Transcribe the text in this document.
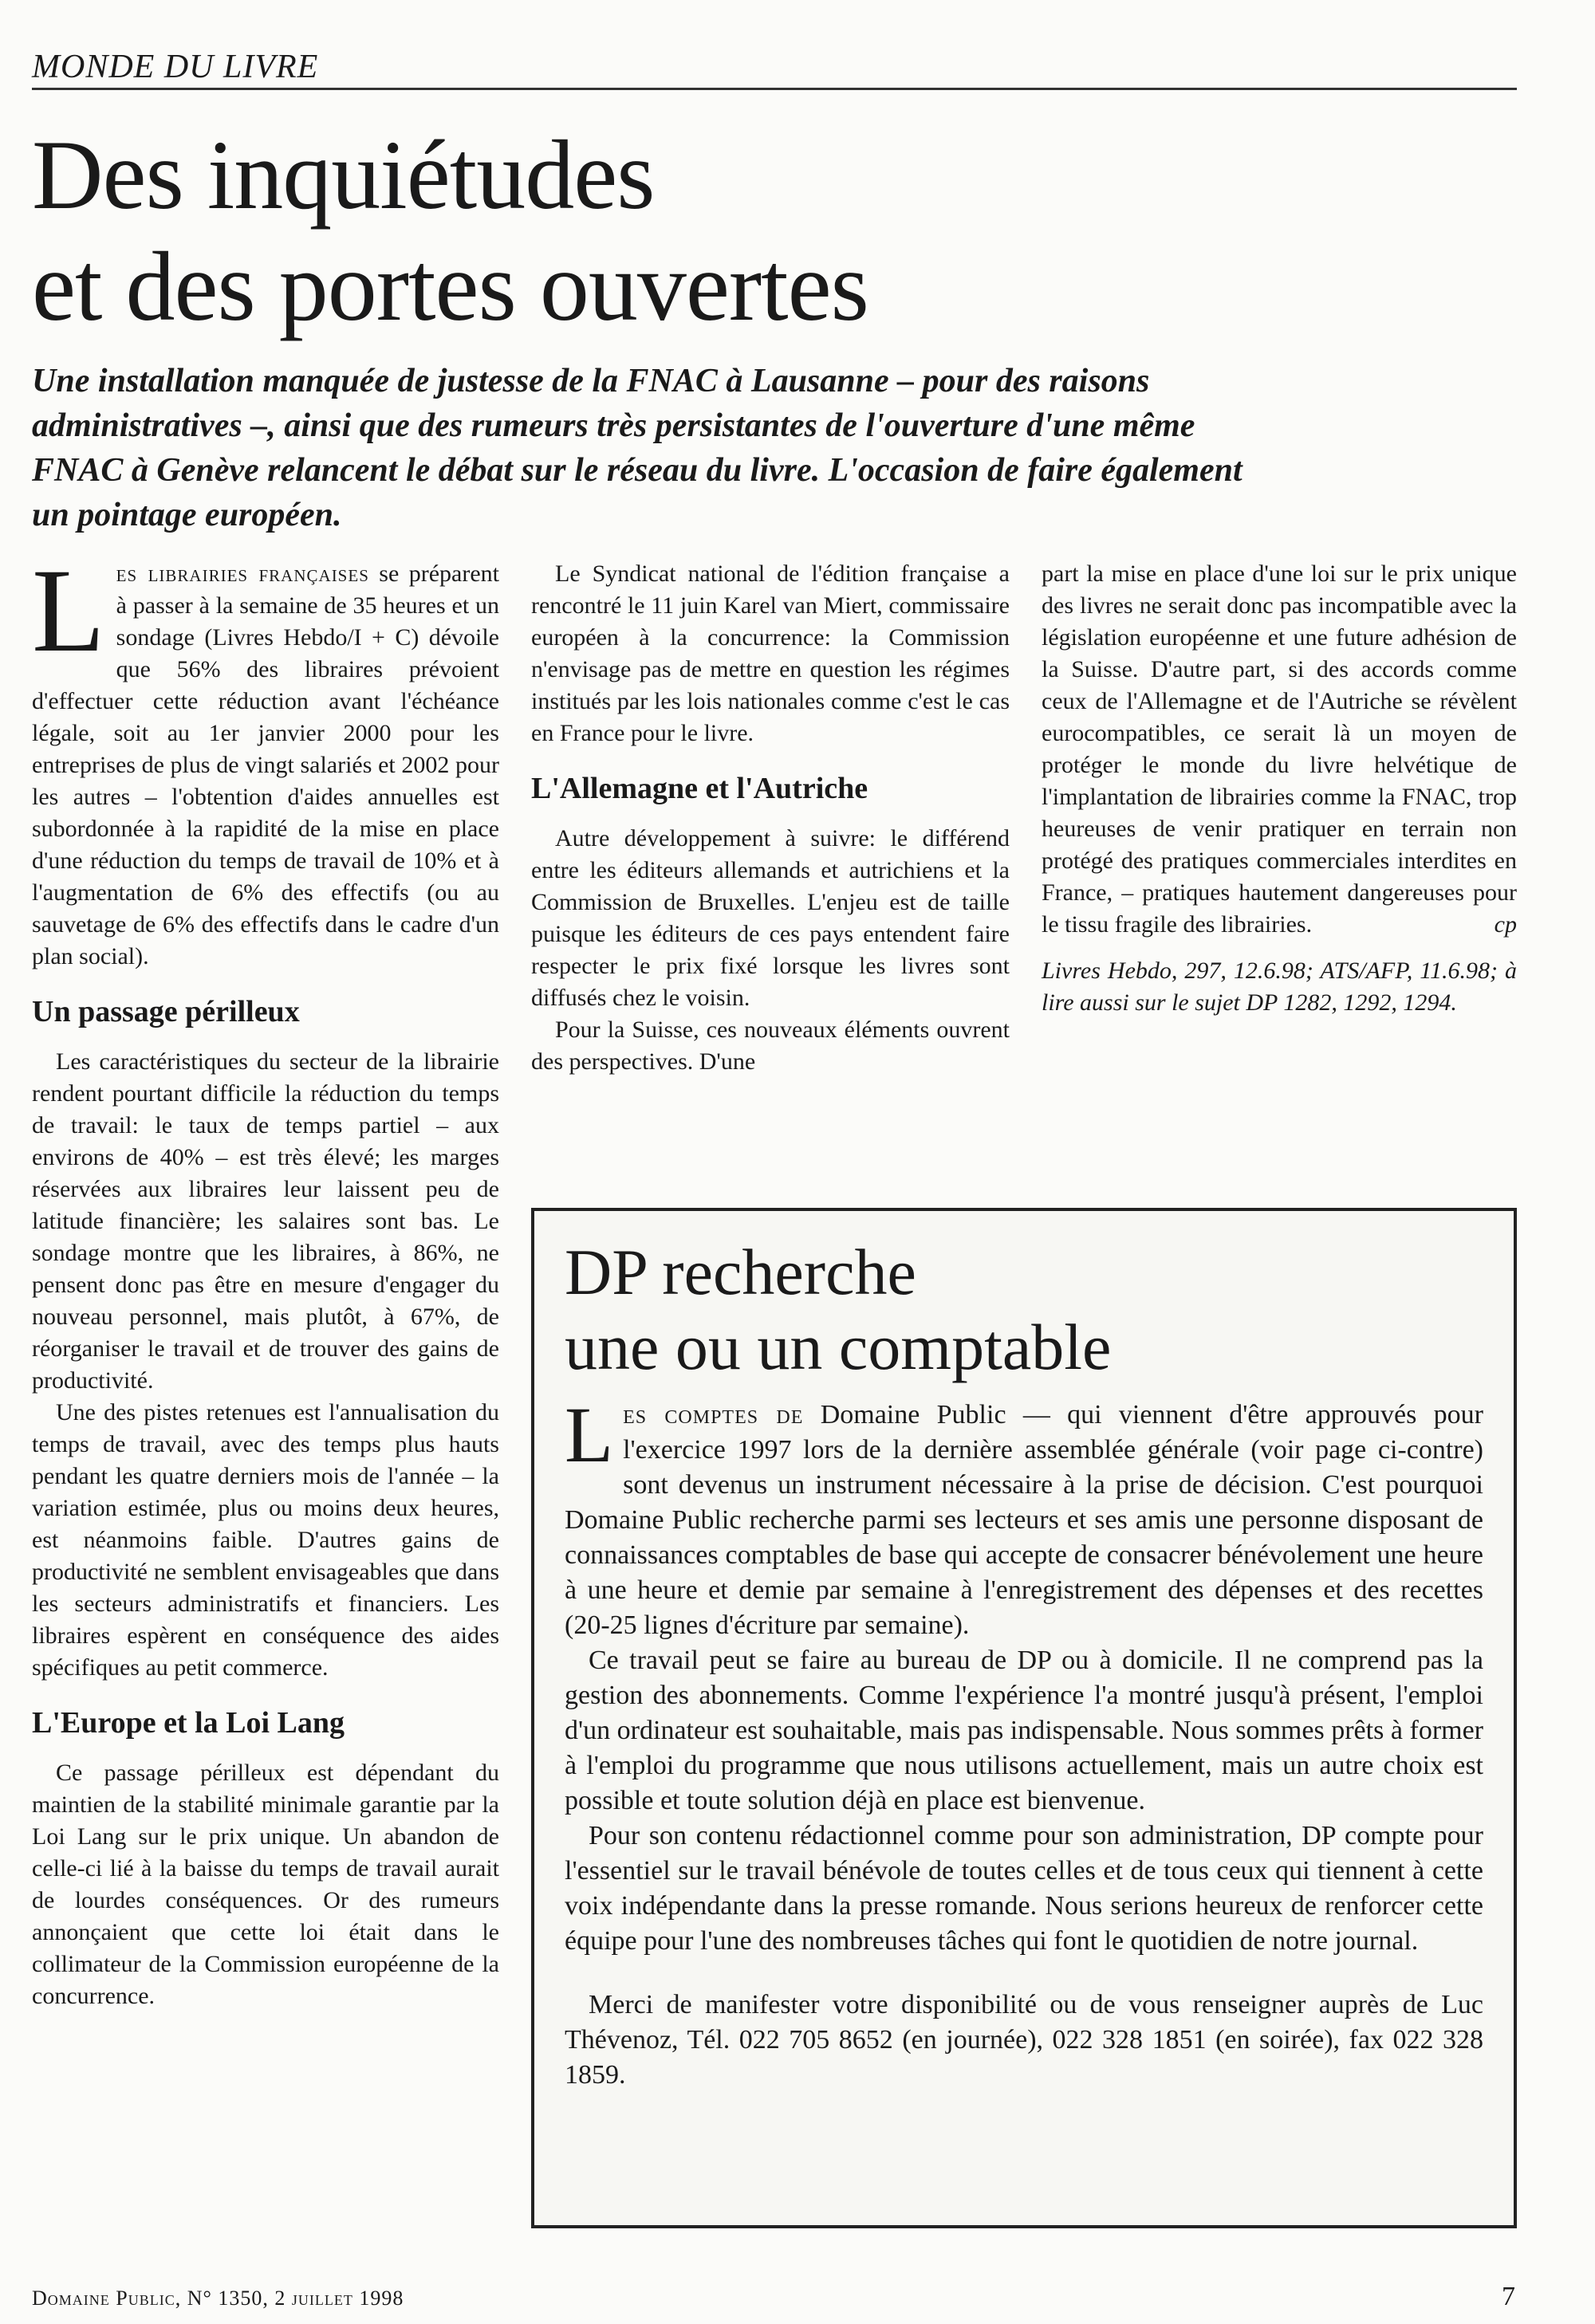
MONDE DU LIVRE
Des inquiétudes
et des portes ouvertes

Une installation manquée de justesse de la FNAC à Lausanne – pour des raisons administratives –, ainsi que des rumeurs très persistantes de l'ouverture d'une même FNAC à Genève relancent le débat sur le réseau du livre. L'occasion de faire également un pointage européen.

Les librairies françaises se préparent à passer à la semaine de 35 heures et un sondage (Livres Hebdo/I + C) dévoile que 56% des libraires prévoient d'effectuer cette réduction avant l'échéance légale, soit au 1er janvier 2000 pour les entreprises de plus de vingt salariés et 2002 pour les autres – l'obtention d'aides annuelles est subordonnée à la rapidité de la mise en place d'une réduction du temps de travail de 10% et à l'augmentation de 6% des effectifs (ou au sauvetage de 6% des effectifs dans le cadre d'un plan social).

Un passage périlleux

Les caractéristiques du secteur de la librairie rendent pourtant difficile la réduction du temps de travail: le taux de temps partiel – aux environs de 40% – est très élevé; les marges réservées aux libraires leur laissent peu de latitude financière; les salaires sont bas. Le sondage montre que les libraires, à 86%, ne pensent donc pas être en mesure d'engager du nouveau personnel, mais plutôt, à 67%, de réorganiser le travail et de trouver des gains de productivité.

Une des pistes retenues est l'annualisation du temps de travail, avec des temps plus hauts pendant les quatre derniers mois de l'année – la variation estimée, plus ou moins deux heures, est néanmoins faible. D'autres gains de productivité ne semblent envisageables que dans les secteurs administratifs et financiers. Les libraires espèrent en conséquence des aides spécifiques au petit commerce.

L'Europe et la Loi Lang

Ce passage périlleux est dépendant du maintien de la stabilité minimale garantie par la Loi Lang sur le prix unique. Un abandon de celle-ci lié à la baisse du temps de travail aurait de lourdes conséquences. Or des rumeurs annonçaient que cette loi était dans le collimateur de la Commission européenne de la concurrence.

Le Syndicat national de l'édition française a rencontré le 11 juin Karel van Miert, commissaire européen à la concurrence: la Commission n'envisage pas de mettre en question les régimes institués par les lois nationales comme c'est le cas en France pour le livre.

L'Allemagne et l'Autriche

Autre développement à suivre: le différend entre les éditeurs allemands et autrichiens et la Commission de Bruxelles. L'enjeu est de taille puisque les éditeurs de ces pays entendent faire respecter le prix fixé lorsque les livres sont diffusés chez le voisin.

Pour la Suisse, ces nouveaux éléments ouvrent des perspectives. D'une

part la mise en place d'une loi sur le prix unique des livres ne serait donc pas incompatible avec la législation européenne et une future adhésion de la Suisse. D'autre part, si des accords comme ceux de l'Allemagne et de l'Autriche se révèlent eurocompatibles, ce serait là un moyen de protéger le monde du livre helvétique de l'implantation de librairies comme la FNAC, trop heureuses de venir pratiquer en terrain non protégé des pratiques commerciales interdites en France, – pratiques hautement dangereuses pour le tissu fragile des librairies.	cp

Livres Hebdo, 297, 12.6.98; ATS/AFP, 11.6.98; à lire aussi sur le sujet DP 1282, 1292, 1294.

DP recherche
une ou un comptable

Les comptes de Domaine Public — qui viennent d'être approuvés pour l'exercice 1997 lors de la dernière assemblée générale (voir page ci-contre) sont devenus un instrument nécessaire à la prise de décision. C'est pourquoi Domaine Public recherche parmi ses lecteurs et ses amis une personne disposant de connaissances comptables de base qui accepte de consacrer bénévolement une heure à une heure et demie par semaine à l'enregistrement des dépenses et des recettes (20-25 lignes d'écriture par semaine).

Ce travail peut se faire au bureau de DP ou à domicile. Il ne comprend pas la gestion des abonnements. Comme l'expérience l'a montré jusqu'à présent, l'emploi d'un ordinateur est souhaitable, mais pas indispensable. Nous sommes prêts à former à l'emploi du programme que nous utilisons actuellement, mais un autre choix est possible et toute solution déjà en place est bienvenue.

Pour son contenu rédactionnel comme pour son administration, DP compte pour l'essentiel sur le travail bénévole de toutes celles et de tous ceux qui tiennent à cette voix indépendante dans la presse romande. Nous serions heureux de renforcer cette équipe pour l'une des nombreuses tâches qui font le quotidien de notre journal.

Merci de manifester votre disponibilité ou de vous renseigner auprès de Luc Thévenoz, Tél. 022 705 8652 (en journée), 022 328 1851 (en soirée), fax 022 328 1859.

Domaine Public, N° 1350, 2 juillet 1998	7
